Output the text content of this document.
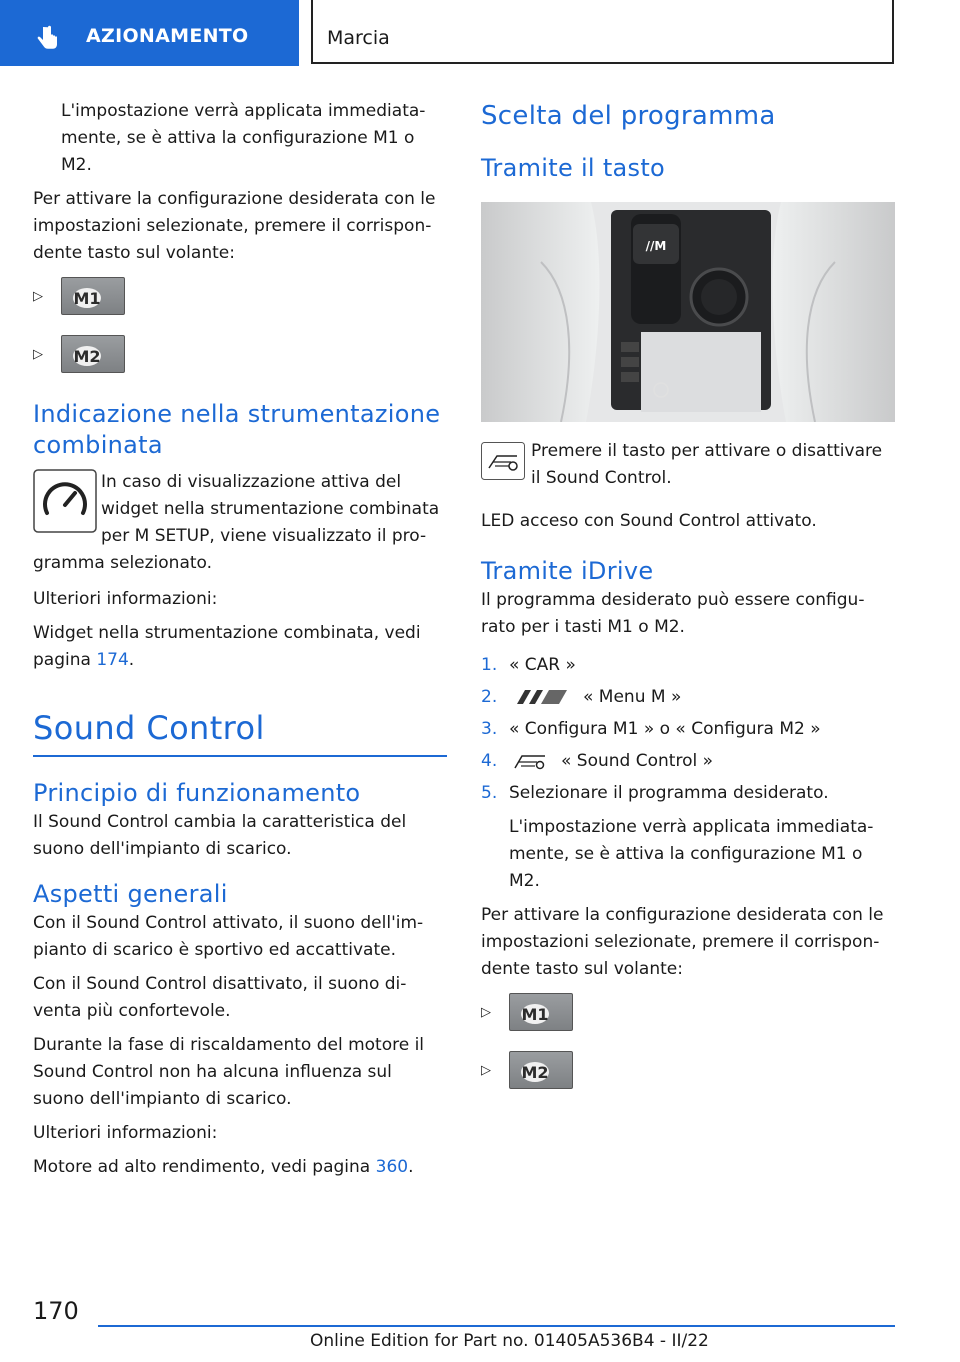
AZIONAMENTO	Marcia

L'impostazione verrà applicata immediata-mente, se è attiva la configurazione M1 o M2.

Per attivare la configurazione desiderata con le impostazioni selezionate, premere il corrispon-dente tasto sul volante:

▷	M1
▷	M2
Indicazione nella strumentazione combinata

In caso di visualizzazione attiva del widget nella strumentazione combinata per M SETUP, viene visualizzato il pro-

gramma selezionato.

Ulteriori informazioni:

Widget nella strumentazione combinata, vedi pagina 174.

Sound Control
Principio di funzionamento

Il Sound Control cambia la caratteristica del suono dell'impianto di scarico.

Aspetti generali

Con il Sound Control attivato, il suono dell'im-pianto di scarico è sportivo ed accattivate.

Con il Sound Control disattivato, il suono di-venta più confortevole.

Durante la fase di riscaldamento del motore il Sound Control non ha alcuna influenza sul suono dell'impianto di scarico.

Ulteriori informazioni:

Motore ad alto rendimento, vedi pagina 360.

Scelta del programma
Tramite il tasto
//M

Premere il tasto per attivare o disattivare il Sound Control.

LED acceso con Sound Control attivato.

Tramite iDrive

Il programma desiderato può essere configu-rato per i tasti M1 o M2.

1. « CAR »
2.	« Menu M »
3. « Configura M1 » o « Configura M2 »
4.	« Sound Control »
5. Selezionare il programma desiderato.

L'impostazione verrà applicata immediata-mente, se è attiva la configurazione M1 o M2.

Per attivare la configurazione desiderata con le impostazioni selezionate, premere il corrispon-dente tasto sul volante:

▷	M1
▷	M2
170
Online Edition for Part no. 01405A536B4 - II/22
